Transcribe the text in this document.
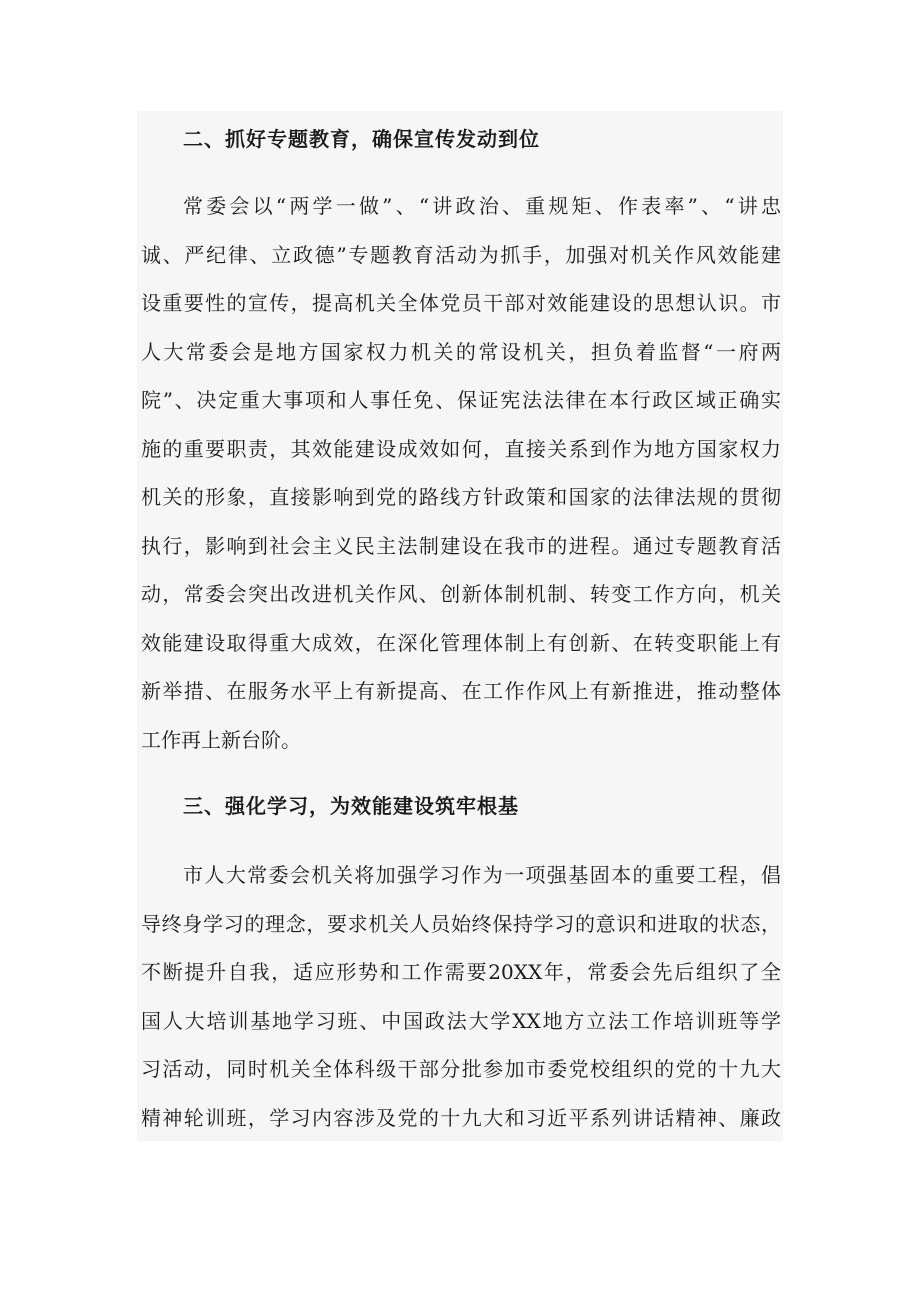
二、抓好专题教育，确保宣传发动到位
常委会以“两学一做”、“讲政治、重规矩、作表率”、“讲忠
诚、严纪律、立政德”专题教育活动为抓手，加强对机关作风效能建
设重要性的宣传，提高机关全体党员干部对效能建设的思想认识。市
人大常委会是地方国家权力机关的常设机关，担负着监督“一府两
院”、决定重大事项和人事任免、保证宪法法律在本行政区域正确实
施的重要职责，其效能建设成效如何，直接关系到作为地方国家权力
机关的形象，直接影响到党的路线方针政策和国家的法律法规的贯彻
执行，影响到社会主义民主法制建设在我市的进程。通过专题教育活
动，常委会突出改进机关作风、创新体制机制、转变工作方向，机关
效能建设取得重大成效，在深化管理体制上有创新、在转变职能上有
新举措、在服务水平上有新提高、在工作作风上有新推进，推动整体
工作再上新台阶。
三、强化学习，为效能建设筑牢根基
市人大常委会机关将加强学习作为一项强基固本的重要工程，倡
导终身学习的理念，要求机关人员始终保持学习的意识和进取的状态，
不断提升自我，适应形势和工作需要20XX年，常委会先后组织了全
国人大培训基地学习班、中国政法大学XX地方立法工作培训班等学
习活动，同时机关全体科级干部分批参加市委党校组织的党的十九大
精神轮训班，学习内容涉及党的十九大和习近平系列讲话精神、廉政
